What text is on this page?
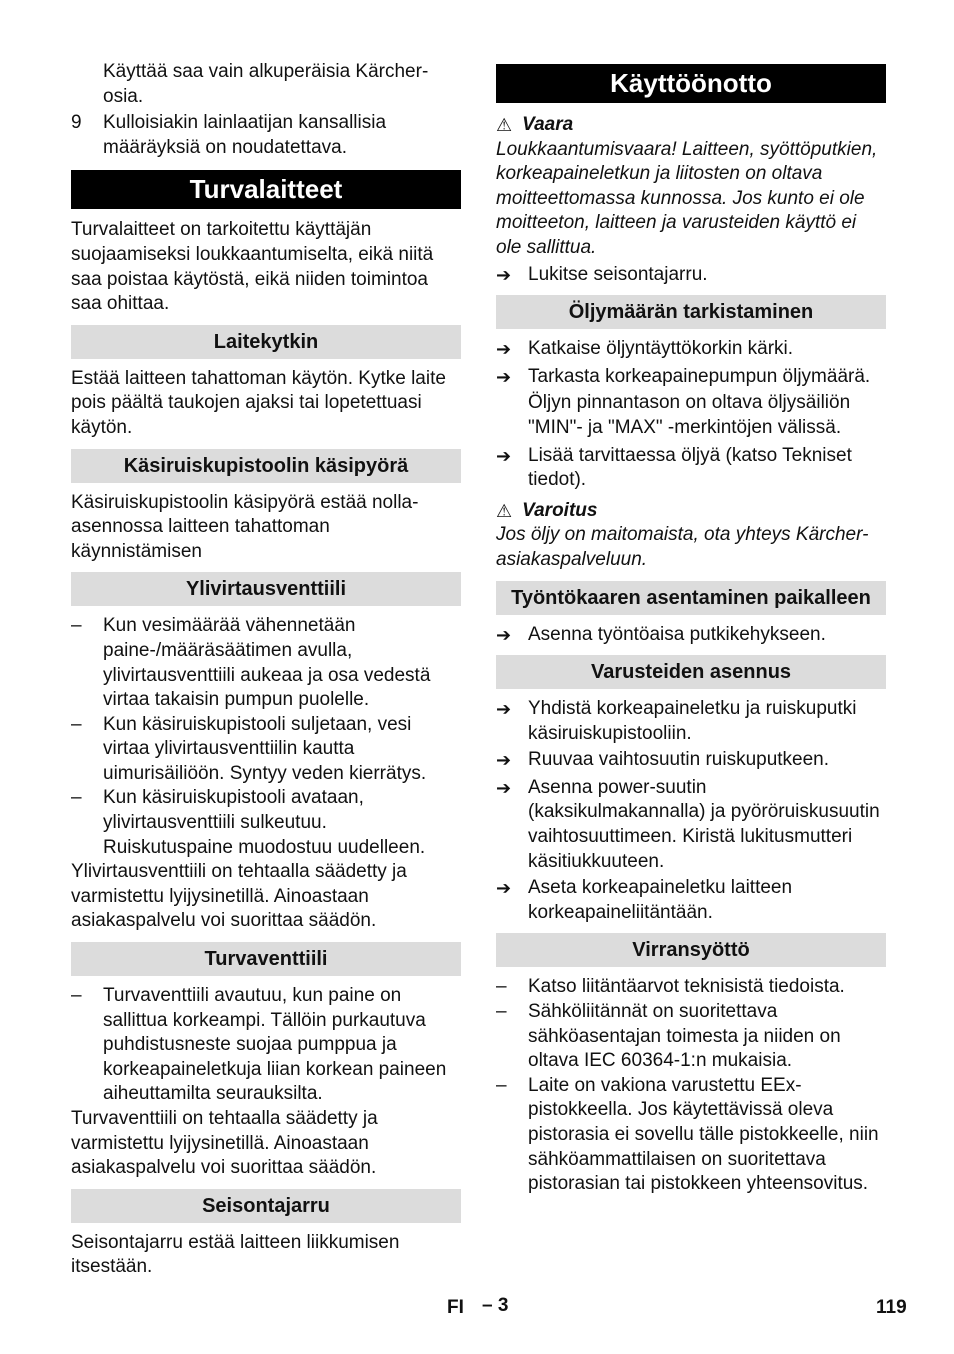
Käyttää saa vain alkuperäisia Kärcher-osia.

9	Kulloisiakin lainlaatijan kansallisia määräyksiä on noudatettava.
Turvalaitteet

Turvalaitteet on tarkoitettu käyttäjän suojaamiseksi loukkaantumiselta, eikä niitä saa poistaa käytöstä, eikä niiden toimintoa saa ohittaa.

Laitekytkin

Estää laitteen tahattoman käytön. Kytke laite pois päältä taukojen ajaksi tai lopetettuasi käytön.

Käsiruiskupistoolin käsipyörä

Käsiruiskupistoolin käsipyörä estää nolla-asennossa laitteen tahattoman käynnistämisen

Ylivirtausventtiili
–	Kun vesimäärää vähennetään paine-/määräsäätimen avulla, ylivirtausventtiili aukeaa ja osa vedestä virtaa takaisin pumpun puolelle.
–	Kun käsiruiskupistooli suljetaan, vesi virtaa ylivirtausventtiilin kautta uimurisäiliöön. Syntyy veden kierrätys.
–	Kun käsiruiskupistooli avataan, ylivirtausventtiili sulkeutuu. Ruiskutuspaine muodostuu uudelleen.

Ylivirtausventtiili on tehtaalla säädetty ja varmistettu lyijysinetillä. Ainoastaan asiakaspalvelu voi suorittaa säädön.

Turvaventtiili
–	Turvaventtiili avautuu, kun paine on sallittua korkeampi. Tällöin purkautuva puhdistusneste suojaa pumppua ja korkeapaineletkuja liian korkean paineen aiheuttamilta seurauksilta.

Turvaventtiili on tehtaalla säädetty ja varmistettu lyijysinetillä. Ainoastaan asiakaspalvelu voi suorittaa säädön.

Seisontajarru

Seisontajarru estää laitteen liikkumisen itsestään.

Käyttöönotto
⚠ Vaara

Loukkaantumisvaara! Laitteen, syöttöputkien, korkeapaineletkun ja liitosten on oltava moitteettomassa kunnossa. Jos kunto ei ole moitteeton, laitteen ja varusteiden käyttö ei ole sallittua.

➔ Lukitse seisontajarru.
Öljymäärän tarkistaminen
➔ Katkaise öljyntäyttökorkin kärki.
➔ Tarkasta korkeapainepumpun öljymäärä.

Öljyn pinnantason on oltava öljysäiliön "MIN"- ja "MAX" -merkintöjen välissä.

➔ Lisää tarvittaessa öljyä (katso Tekniset tiedot).
⚠ Varoitus

Jos öljy on maitomaista, ota yhteys Kärcher-asiakaspalveluun.

Työntökaaren asentaminen paikalleen
➔ Asenna työntöaisa putkikehykseen.
Varusteiden asennus
➔ Yhdistä korkeapaineletku ja ruiskuputki käsiruiskupistooliin.
➔ Ruuvaa vaihtosuutin ruiskuputkeen.
➔ Asenna power-suutin (kaksikulmakannalla) ja pyöröruiskusuutin vaihtosuuttimeen. Kiristä lukitusmutteri käsitiukkuuteen.
➔ Aseta korkeapaineletku laitteen korkeapaineliitäntään.
Virransyöttö
–	Katso liitäntäarvot teknisistä tiedoista.
–	Sähköliitännät on suoritettava sähköasentajan toimesta ja niiden on oltava IEC 60364-1:n mukaisia.
–	Laite on vakiona varustettu EEx-pistokkeella. Jos käytettävissä oleva pistorasia ei sovellu tälle pistokkeelle, niin sähköammattilaisen on suoritettava pistorasian tai pistokkeen yhteensovitus.
FI – 3	119
